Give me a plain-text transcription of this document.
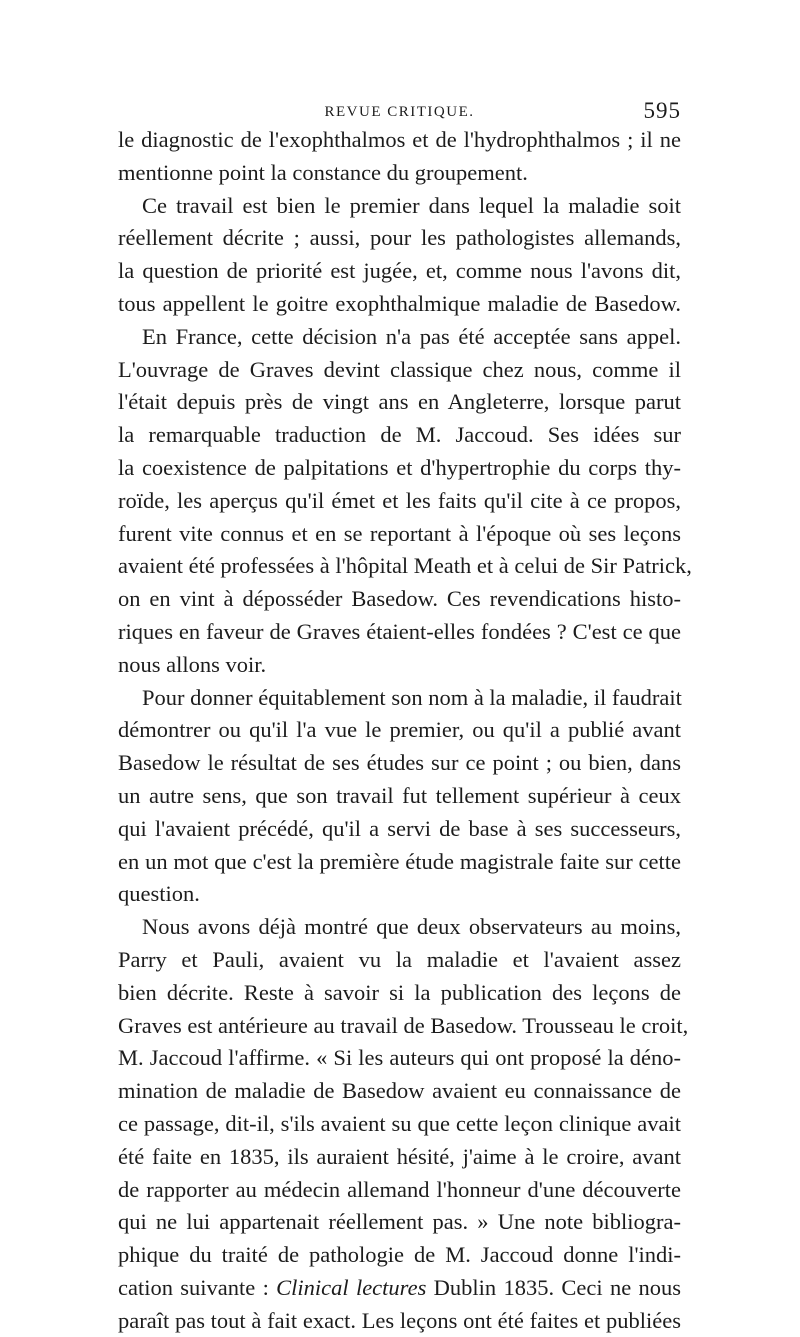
REVUE CRITIQUE.	595
le diagnostic de l'exophthalmos et de l'hydrophthalmos ; il ne
mentionne point la constance du groupement.
Ce travail est bien le premier dans lequel la maladie soit
réellement décrite ; aussi, pour les pathologistes allemands,
la question de priorité est jugée, et, comme nous l'avons dit,
tous appellent le goitre exophthalmique maladie de Basedow.
En France, cette décision n'a pas été acceptée sans appel.
L'ouvrage de Graves devint classique chez nous, comme il
l'était depuis près de vingt ans en Angleterre, lorsque parut
la remarquable traduction de M. Jaccoud. Ses idées sur
la coexistence de palpitations et d'hypertrophie du corps thy-
roïde, les aperçus qu'il émet et les faits qu'il cite à ce propos,
furent vite connus et en se reportant à l'époque où ses leçons
avaient été professées à l'hôpital Meath et à celui de Sir Patrick,
on en vint à déposséder Basedow. Ces revendications histo-
riques en faveur de Graves étaient-elles fondées ? C'est ce que
nous allons voir.
Pour donner équitablement son nom à la maladie, il faudrait
démontrer ou qu'il l'a vue le premier, ou qu'il a publié avant
Basedow le résultat de ses études sur ce point ; ou bien, dans
un autre sens, que son travail fut tellement supérieur à ceux
qui l'avaient précédé, qu'il a servi de base à ses successeurs,
en un mot que c'est la première étude magistrale faite sur cette
question.
Nous avons déjà montré que deux observateurs au moins,
Parry et Pauli, avaient vu la maladie et l'avaient assez
bien décrite. Reste à savoir si la publication des leçons de
Graves est antérieure au travail de Basedow. Trousseau le croit,
M. Jaccoud l'affirme. « Si les auteurs qui ont proposé la déno-
mination de maladie de Basedow avaient eu connaissance de
ce passage, dit-il, s'ils avaient su que cette leçon clinique avait
été faite en 1835, ils auraient hésité, j'aime à le croire, avant
de rapporter au médecin allemand l'honneur d'une découverte
qui ne lui appartenait réellement pas. » Une note bibliogra-
phique du traité de pathologie de M. Jaccoud donne l'indi-
cation suivante : Clinical lectures Dublin 1835. Ceci ne nous
paraît pas tout à fait exact. Les leçons ont été faites et publiées
